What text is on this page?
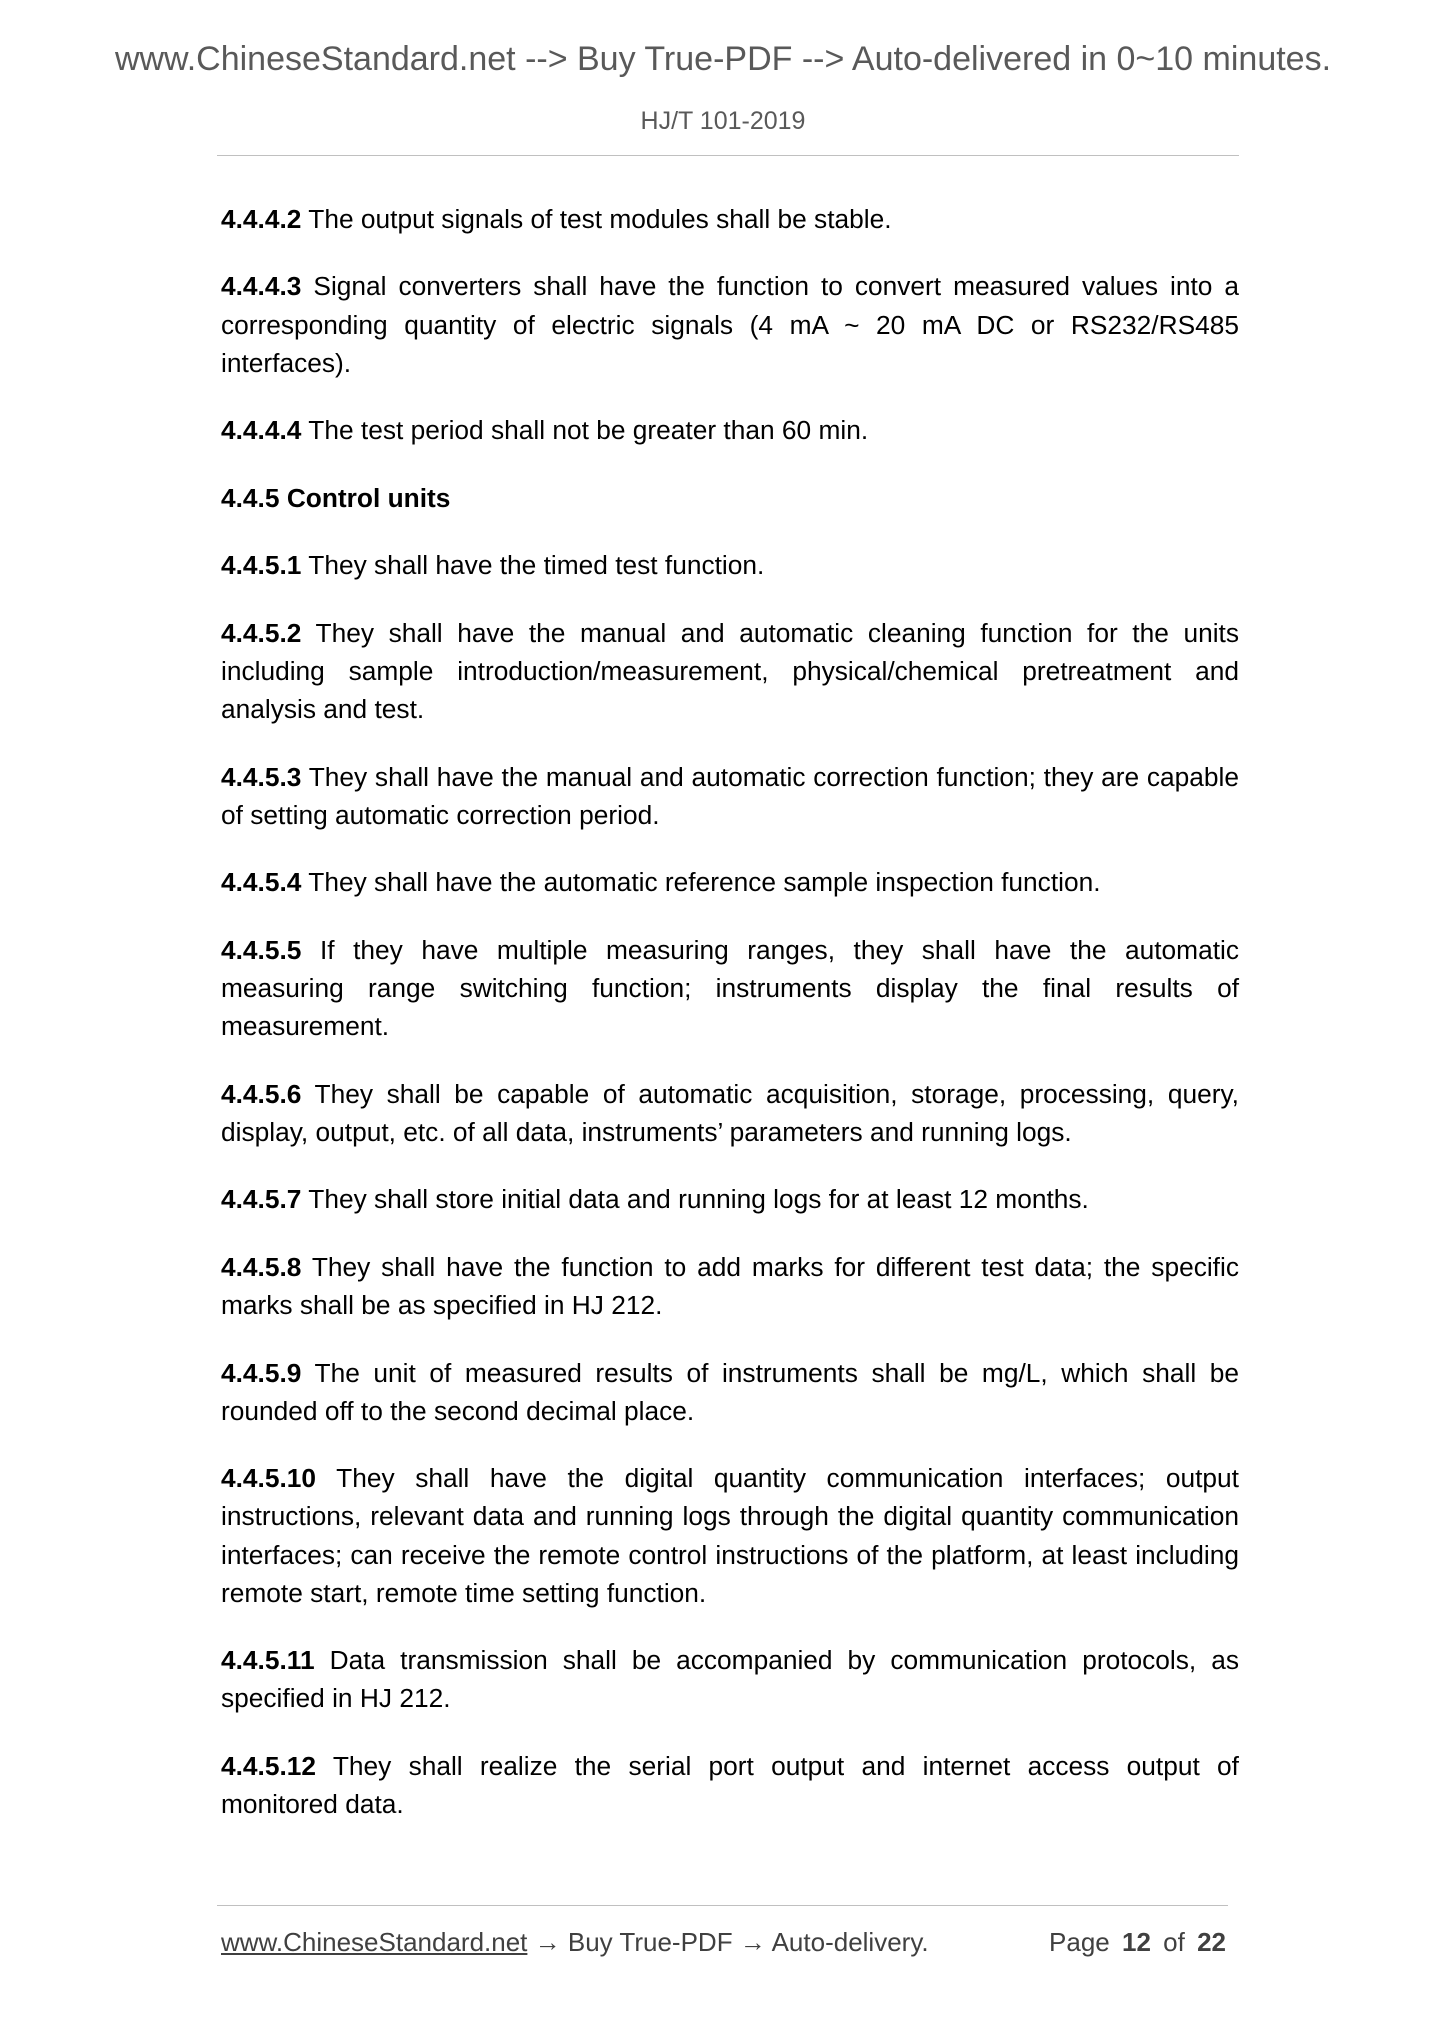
www.ChineseStandard.net --> Buy True-PDF --> Auto-delivered in 0~10 minutes.
HJ/T 101-2019
4.4.4.2 The output signals of test modules shall be stable.
4.4.4.3 Signal converters shall have the function to convert measured values into a
corresponding quantity of electric signals (4 mA ~ 20 mA DC or RS232/RS485
interfaces).
4.4.4.4 The test period shall not be greater than 60 min.
4.4.5 Control units
4.4.5.1 They shall have the timed test function.
4.4.5.2 They shall have the manual and automatic cleaning function for the units
including sample introduction/measurement, physical/chemical pretreatment and
analysis and test.
4.4.5.3 They shall have the manual and automatic correction function; they are capable
of setting automatic correction period.
4.4.5.4 They shall have the automatic reference sample inspection function.
4.4.5.5 If they have multiple measuring ranges, they shall have the automatic
measuring range switching function; instruments display the final results of
measurement.
4.4.5.6 They shall be capable of automatic acquisition, storage, processing, query,
display, output, etc. of all data, instruments’ parameters and running logs.
4.4.5.7 They shall store initial data and running logs for at least 12 months.
4.4.5.8 They shall have the function to add marks for different test data; the specific
marks shall be as specified in HJ 212.
4.4.5.9 The unit of measured results of instruments shall be mg/L, which shall be
rounded off to the second decimal place.
4.4.5.10 They shall have the digital quantity communication interfaces; output
instructions, relevant data and running logs through the digital quantity communication
interfaces; can receive the remote control instructions of the platform, at least including
remote start, remote time setting function.
4.4.5.11 Data transmission shall be accompanied by communication protocols, as
specified in HJ 212.
4.4.5.12 They shall realize the serial port output and internet access output of
monitored data.
www.ChineseStandard.net → Buy True-PDF → Auto-delivery.	Page 12 of 22
